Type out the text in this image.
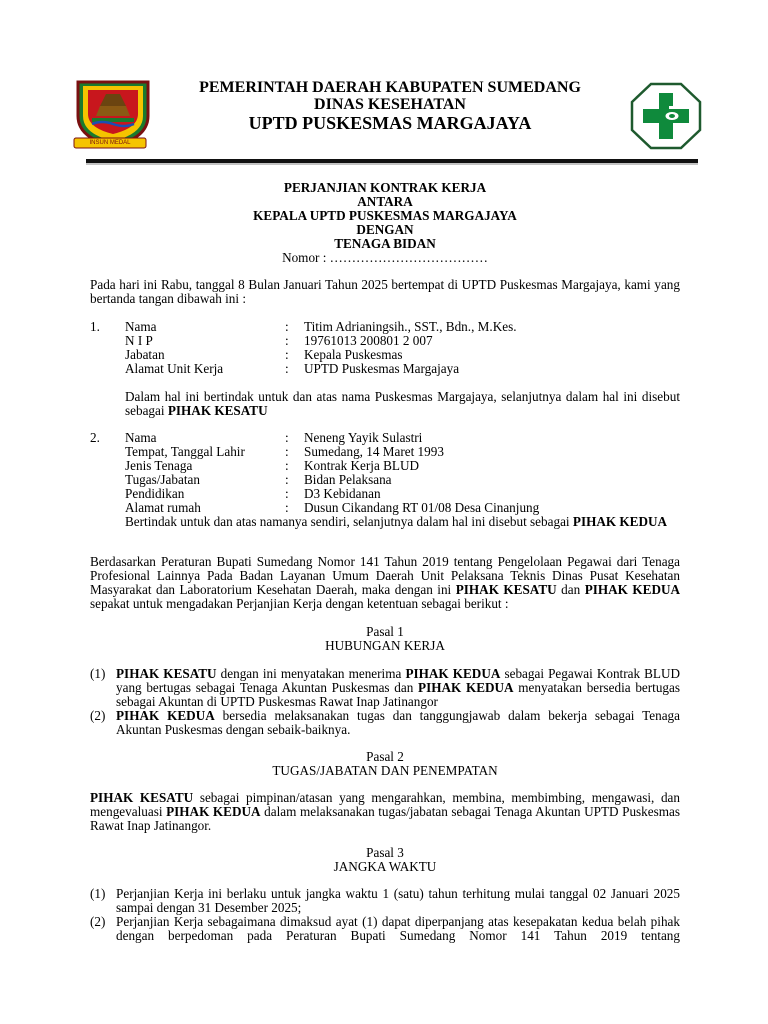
INSUN MEDAL
PEMERINTAH DAERAH KABUPATEN SUMEDANG
DINAS KESEHATAN
UPTD PUSKESMAS MARGAJAYA
PERJANJIAN KONTRAK KERJA
ANTARA
KEPALA UPTD PUSKESMAS MARGAJAYA
DENGAN
TENAGA BIDAN
Nomor : ………………………………
Pada hari ini Rabu, tanggal 8 Bulan Januari Tahun 2025 bertempat di UPTD Puskesmas Margajaya, kami yang bertanda tangan dibawah ini :
1. Nama	: Titim Adrianingsih., SST., Bdn., M.Kes.
N I P	: 19761013 200801 2 007
Jabatan	: Kepala Puskesmas
Alamat Unit Kerja	: UPTD Puskesmas Margajaya
Dalam hal ini bertindak untuk dan atas nama Puskesmas Margajaya, selanjutnya dalam hal ini disebut sebagai PIHAK KESATU
2. Nama	: Neneng Yayik Sulastri
Tempat, Tanggal Lahir	: Sumedang, 14 Maret 1993
Jenis Tenaga	: Kontrak Kerja BLUD
Tugas/Jabatan	: Bidan Pelaksana
Pendidikan	: D3 Kebidanan
Alamat rumah	: Dusun Cikandang RT 01/08 Desa Cinanjung
Bertindak untuk dan atas namanya sendiri, selanjutnya dalam hal ini disebut sebagai PIHAK KEDUA
Berdasarkan Peraturan Bupati Sumedang Nomor 141 Tahun 2019 tentang Pengelolaan Pegawai dari Tenaga Profesional Lainnya Pada Badan Layanan Umum Daerah Unit Pelaksana Teknis Dinas Pusat Kesehatan Masyarakat dan Laboratorium Kesehatan Daerah, maka dengan ini PIHAK KESATU dan PIHAK KEDUA sepakat untuk mengadakan Perjanjian Kerja dengan ketentuan sebagai berikut :
Pasal 1
HUBUNGAN KERJA
(1) PIHAK KESATU dengan ini menyatakan menerima PIHAK KEDUA sebagai Pegawai Kontrak BLUD yang bertugas sebagai Tenaga Akuntan Puskesmas dan PIHAK KEDUA menyatakan bersedia bertugas sebagai Akuntan di UPTD Puskesmas Rawat Inap Jatinangor
(2) PIHAK KEDUA bersedia melaksanakan tugas dan tanggungjawab dalam bekerja sebagai Tenaga Akuntan Puskesmas dengan sebaik-baiknya.
Pasal 2
TUGAS/JABATAN DAN PENEMPATAN
PIHAK KESATU sebagai pimpinan/atasan yang mengarahkan, membina, membimbing, mengawasi, dan mengevaluasi PIHAK KEDUA dalam melaksanakan tugas/jabatan sebagai Tenaga Akuntan UPTD Puskesmas Rawat Inap Jatinangor.
Pasal 3
JANGKA WAKTU
(1) Perjanjian Kerja ini berlaku untuk jangka waktu 1 (satu) tahun terhitung mulai tanggal 02 Januari 2025 sampai dengan 31 Desember 2025;
(2) Perjanjian Kerja sebagaimana dimaksud ayat (1) dapat diperpanjang atas kesepakatan kedua belah pihak dengan berpedoman pada Peraturan Bupati Sumedang Nomor 141 Tahun 2019 tentang
